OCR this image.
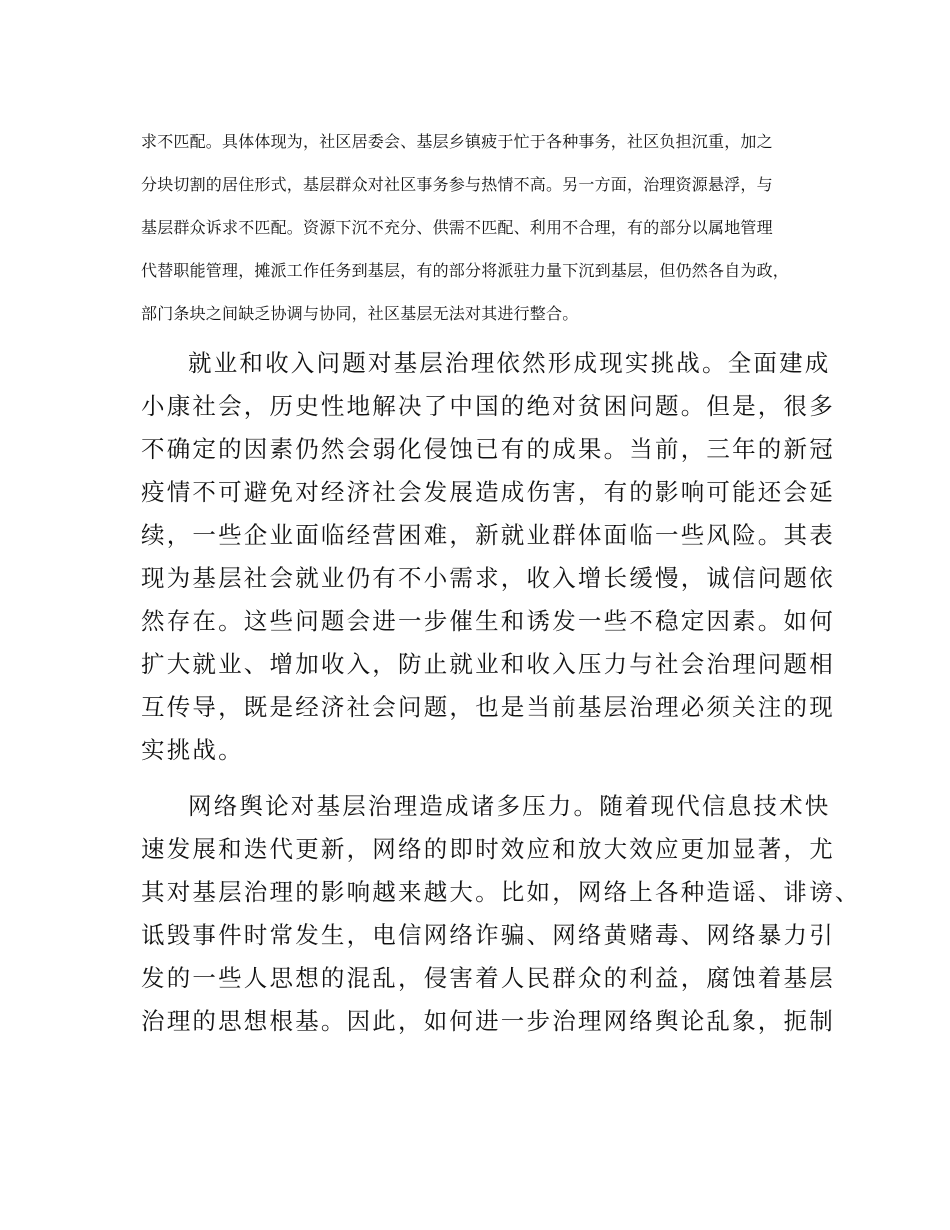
求不匹配。具体体现为，社区居委会、基层乡镇疲于忙于各种事务，社区负担沉重，加之
分块切割的居住形式，基层群众对社区事务参与热情不高。另一方面，治理资源悬浮，与
基层群众诉求不匹配。资源下沉不充分、供需不匹配、利用不合理，有的部分以属地管理
代替职能管理，摊派工作任务到基层，有的部分将派驻力量下沉到基层，但仍然各自为政，
部门条块之间缺乏协调与协同，社区基层无法对其进行整合。
就业和收入问题对基层治理依然形成现实挑战。全面建成
小康社会，历史性地解决了中国的绝对贫困问题。但是，很多
不确定的因素仍然会弱化侵蚀已有的成果。当前，三年的新冠
疫情不可避免对经济社会发展造成伤害，有的影响可能还会延
续，一些企业面临经营困难，新就业群体面临一些风险。其表
现为基层社会就业仍有不小需求，收入增长缓慢，诚信问题依
然存在。这些问题会进一步催生和诱发一些不稳定因素。如何
扩大就业、增加收入，防止就业和收入压力与社会治理问题相
互传导，既是经济社会问题，也是当前基层治理必须关注的现
实挑战。
网络舆论对基层治理造成诸多压力。随着现代信息技术快
速发展和迭代更新，网络的即时效应和放大效应更加显著，尤
其对基层治理的影响越来越大。比如，网络上各种造谣、诽谤、
诋毁事件时常发生，电信网络诈骗、网络黄赌毒、网络暴力引
发的一些人思想的混乱，侵害着人民群众的利益，腐蚀着基层
治理的思想根基。因此，如何进一步治理网络舆论乱象，扼制
